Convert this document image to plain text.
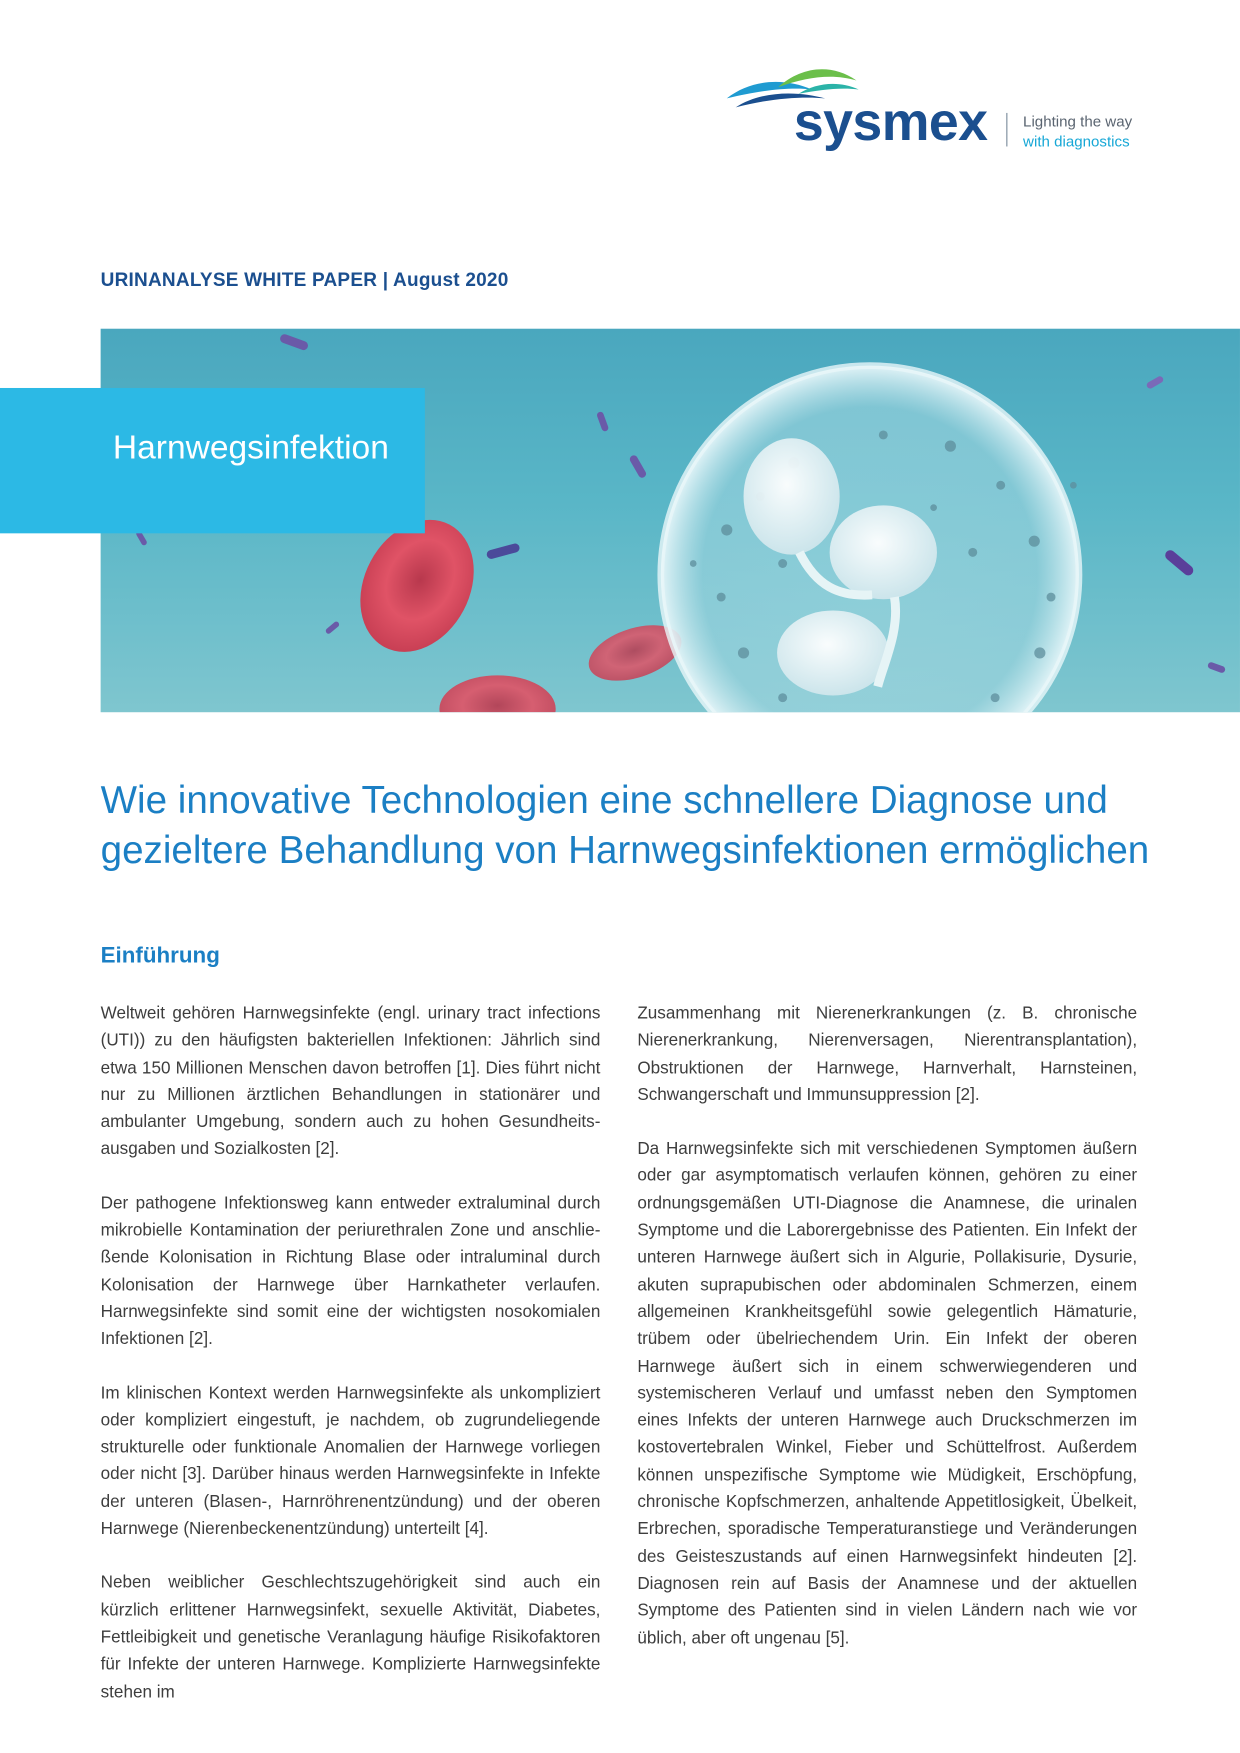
sysmex	Lighting the way
with diagnostics
URINANALYSE WHITE PAPER | August 2020
Harnwegsinfektion
Wie innovative Technologien eine schnellere Diagnose und gezieltere Behandlung von Harnwegsinfektionen ermöglichen
Einführung

Weltweit gehören Harnwegsinfekte (engl. urinary tract infections (UTI)) zu den häufigsten bakteriellen Infektionen: Jährlich sind etwa 150 Millionen Menschen davon betroffen [1]. Dies führt nicht nur zu Millionen ärztlichen Behandlungen in stationärer und ambulanter Umgebung, sondern auch zu hohen Gesundheitsausgaben und Sozialkosten [2].

Der pathogene Infektionsweg kann entweder extraluminal durch mikrobielle Kontamination der periurethralen Zone und anschließende Kolonisation in Richtung Blase oder intraluminal durch Kolonisation der Harnwege über Harnkatheter verlaufen. Harnwegsinfekte sind somit eine der wichtigsten nosokomialen Infektionen [2].

Im klinischen Kontext werden Harnwegsinfekte als unkompliziert oder kompliziert eingestuft, je nachdem, ob zugrundeliegende strukturelle oder funktionale Anomalien der Harnwege vorliegen oder nicht [3]. Darüber hinaus werden Harnwegsinfekte in Infekte der unteren (Blasen-, Harnröhrenentzündung) und der oberen Harnwege (Nierenbeckenentzündung) unterteilt [4].

Neben weiblicher Geschlechtszugehörigkeit sind auch ein kürzlich erlittener Harnwegsinfekt, sexuelle Aktivität, Diabetes, Fettleibigkeit und genetische Veranlagung häufige Risikofaktoren für Infekte der unteren Harnwege. Komplizierte Harnwegsinfekte stehen im

Zusammenhang mit Nierenerkrankungen (z. B. chronische Nierenerkrankung, Nierenversagen, Nierentransplantation), Obstruktionen der Harnwege, Harnverhalt, Harnsteinen, Schwangerschaft und Immunsuppression [2].

Da Harnwegsinfekte sich mit verschiedenen Symptomen äußern oder gar asymptomatisch verlaufen können, gehören zu einer ordnungsgemäßen UTI-Diagnose die Anamnese, die urinalen Symptome und die Laborergebnisse des Patienten. Ein Infekt der unteren Harnwege äußert sich in Algurie, Pollakisurie, Dysurie, akuten suprapubischen oder abdominalen Schmerzen, einem allgemeinen Krankheitsgefühl sowie gelegentlich Hämaturie, trübem oder übelriechendem Urin. Ein Infekt der oberen Harnwege äußert sich in einem schwerwiegenderen und systemischeren Verlauf und umfasst neben den Symptomen eines Infekts der unteren Harnwege auch Druckschmerzen im kostovertebralen Winkel, Fieber und Schüttelfrost. Außerdem können unspezifische Symptome wie Müdigkeit, Erschöpfung, chronische Kopfschmerzen, anhaltende Appetitlosigkeit, Übelkeit, Erbrechen, sporadische Temperaturanstiege und Veränderungen des Geisteszustands auf einen Harnwegsinfekt hindeuten [2]. Diagnosen rein auf Basis der Anamnese und der aktuellen Symptome des Patienten sind in vielen Ländern nach wie vor üblich, aber oft ungenau [5].
